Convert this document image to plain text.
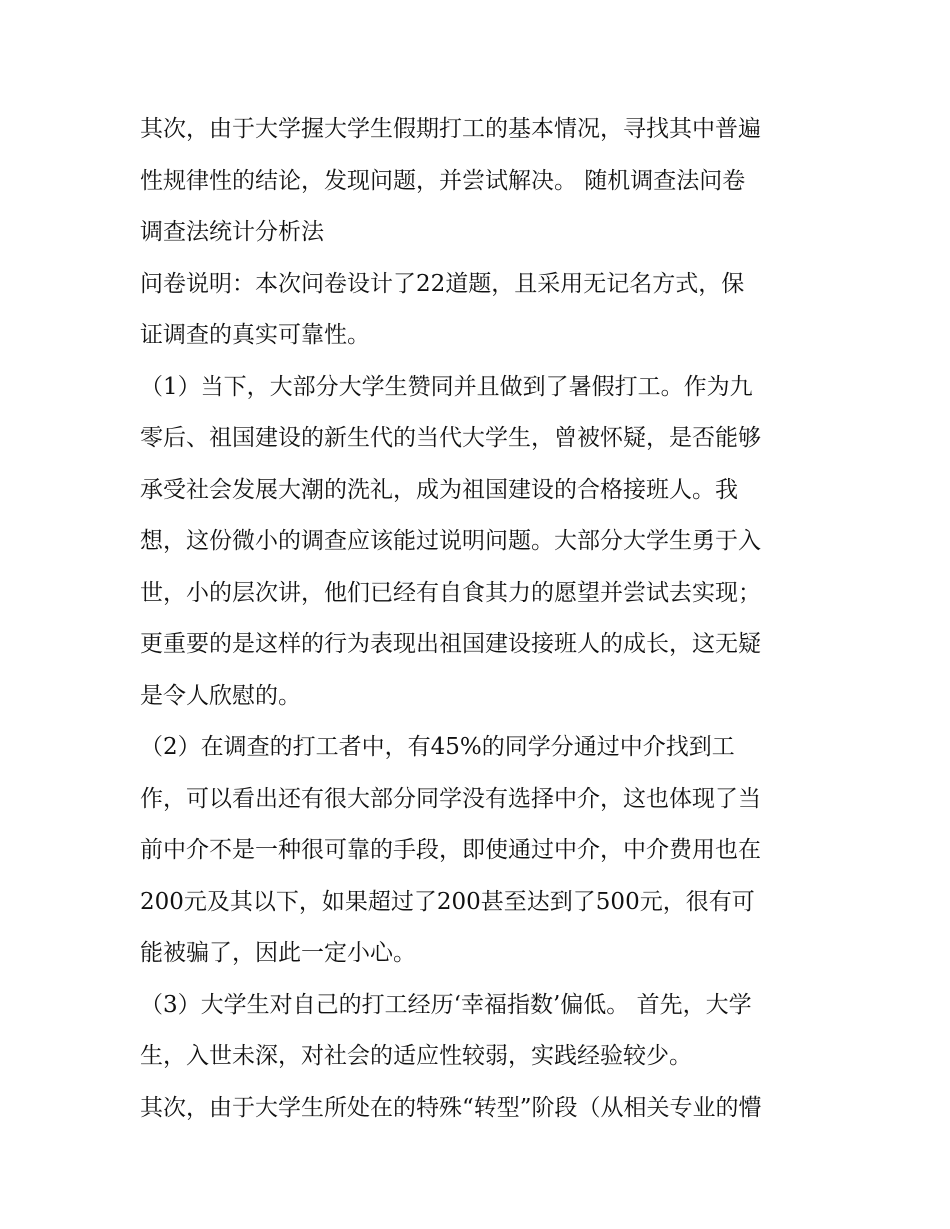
其次，由于大学握大学生假期打工的基本情况，寻找其中普遍
性规律性的结论，发现问题，并尝试解决。 随机调查法问卷
调查法统计分析法
问卷说明：本次问卷设计了22道题，且采用无记名方式，保
证调查的真实可靠性。
（1）当下，大部分大学生赞同并且做到了暑假打工。作为九
零后、祖国建设的新生代的当代大学生，曾被怀疑，是否能够
承受社会发展大潮的洗礼，成为祖国建设的合格接班人。我
想，这份微小的调查应该能过说明问题。大部分大学生勇于入
世，小的层次讲，他们已经有自食其力的愿望并尝试去实现；
更重要的是这样的行为表现出祖国建设接班人的成长，这无疑
是令人欣慰的。
（2）在调查的打工者中，有45%的同学分通过中介找到工
作，可以看出还有很大部分同学没有选择中介，这也体现了当
前中介不是一种很可靠的手段，即使通过中介，中介费用也在
200元及其以下，如果超过了200甚至达到了500元，很有可
能被骗了，因此一定小心。
（3）大学生对自己的打工经历‘幸福指数’偏低。 首先，大学
生，入世未深，对社会的适应性较弱，实践经验较少。
其次，由于大学生所处在的特殊“转型”阶段（从相关专业的懵
